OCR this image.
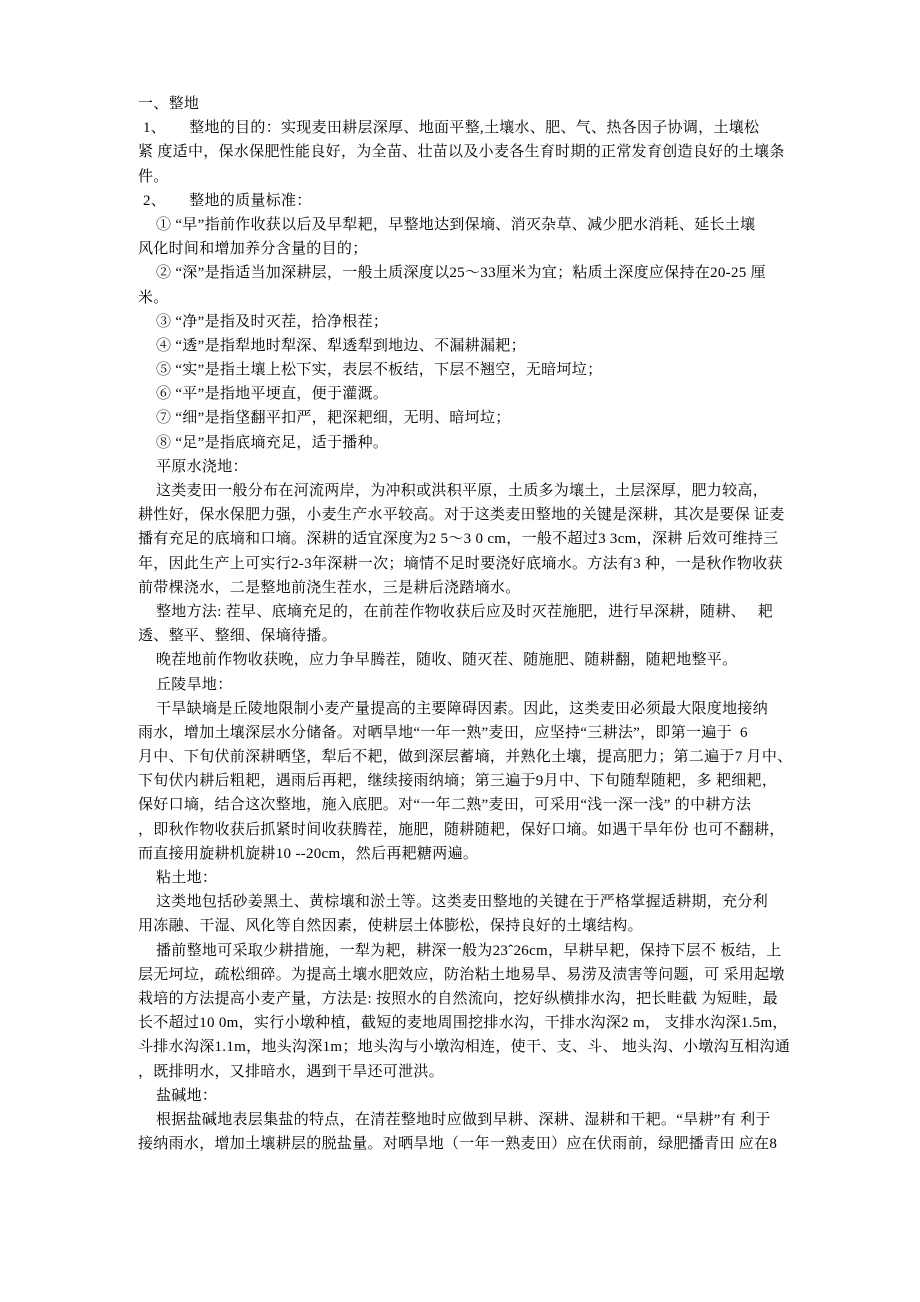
一、整地
1、　　整地的目的：实现麦田耕层深厚、地面平整,土壤水、肥、气、热各因子协调，土壤松
紧 度适中，保水保肥性能良好，为全苗、壮苗以及小麦各生育时期的正常发育创造良好的土壤条
件。
2、　　整地的质量标准：
① “早”指前作收获以后及早犁耙，早整地达到保墒、消灭杂草、减少肥水消耗、延长土壤
风化时间和增加养分含量的目的；
② “深”是指适当加深耕层，一般土质深度以25〜33厘米为宜；粘质土深度应保持在20-25 厘
米。
③ “净”是指及时灭茬，拾净根茬；
④ “透”是指犁地时犁深、犁透犁到地边、不漏耕漏耙；
⑤ “实”是指土壤上松下实，表层不板结，下层不翘空，无暗坷垃；
⑥ “平”是指地平埂直，便于灌溉。
⑦ “细”是指垡翻平扣严，耙深耙细，无明、暗坷垃；
⑧ “足”是指底墒充足，适于播种。
平原水浇地：
这类麦田一般分布在河流两岸，为冲积或洪积平原，土质多为壤土，土层深厚，肥力较高，
耕性好，保水保肥力强，小麦生产水平较高。对于这类麦田整地的关键是深耕，其次是要保 证麦
播有充足的底墒和口墒。深耕的适宜深度为2 5〜3 0 cm，一般不超过3 3cm，深耕 后效可维持三
年，因此生产上可实行2-3年深耕一次；墒情不足时要浇好底墒水。方法有3 种，一是秋作物收获
前带棵浇水，二是整地前浇生茬水，三是耕后浇踏墒水。
整地方法: 茬早、底墒充足的，在前茬作物收获后应及时灭茬施肥，进行早深耕，随耕、　 耙
透、整平、整细、保墒待播。
晚茬地前作物收获晚，应力争早腾茬，随收、随灭茬、随施肥、随耕翻，随耙地整平。
丘陵旱地：
干旱缺墒是丘陵地限制小麦产量提高的主要障碍因素。因此，这类麦田必须最大限度地接纳
雨水，增加土壤深层水分储备。对晒旱地“一年一熟”麦田，应坚持“三耕法”，即第一遍于  6
月中、下旬伏前深耕晒垡，犁后不耙，做到深层蓄墒，并熟化土壤，提高肥力；第二遍于7 月中、
下旬伏内耕后粗耙，遇雨后再耙，继续接雨纳墒；第三遍于9月中、下旬随犁随耙，多 耙细耙，
保好口墒，结合这次整地，施入底肥。对“一年二熟”麦田，可采用“浅一深一浅” 的中耕方法
，即秋作物收获后抓紧时间收获腾茬，施肥，随耕随耙，保好口墒。如遇干旱年份 也可不翻耕，
而直接用旋耕机旋耕10 --20cm，然后再耙糖两遍。
粘土地：
这类地包括砂姜黑土、黄棕壤和淤土等。这类麦田整地的关键在于严格掌握适耕期，充分利
用冻融、干湿、风化等自然因素，使耕层土体膨松，保持良好的土壤结构。
播前整地可采取少耕措施，一犁为耙，耕深一般为23ˆ26cm，早耕早耙，保持下层不 板结，上
层无坷垃，疏松细碎。为提高土壤水肥效应，防治粘土地易旱、易涝及渍害等问题，可 采用起墩
栽培的方法提高小麦产量，方法是: 按照水的自然流向，挖好纵横排水沟，把长畦截 为短畦，最
长不超过10 0m，实行小墩种植，截短的麦地周围挖排水沟，干排水沟深2 m， 支排水沟深1.5m，
斗排水沟深1.1m，地头沟深1m；地头沟与小墩沟相连，使干、支、斗、 地头沟、小墩沟互相沟通
，既排明水，又排暗水，遇到干旱还可泄洪。
盐碱地：
根据盐碱地表层集盐的特点，在清茬整地时应做到早耕、深耕、湿耕和干耙。“旱耕”有 利于
接纳雨水，增加土壤耕层的脱盐量。对晒旱地（一年一熟麦田）应在伏雨前，绿肥播青田 应在8
